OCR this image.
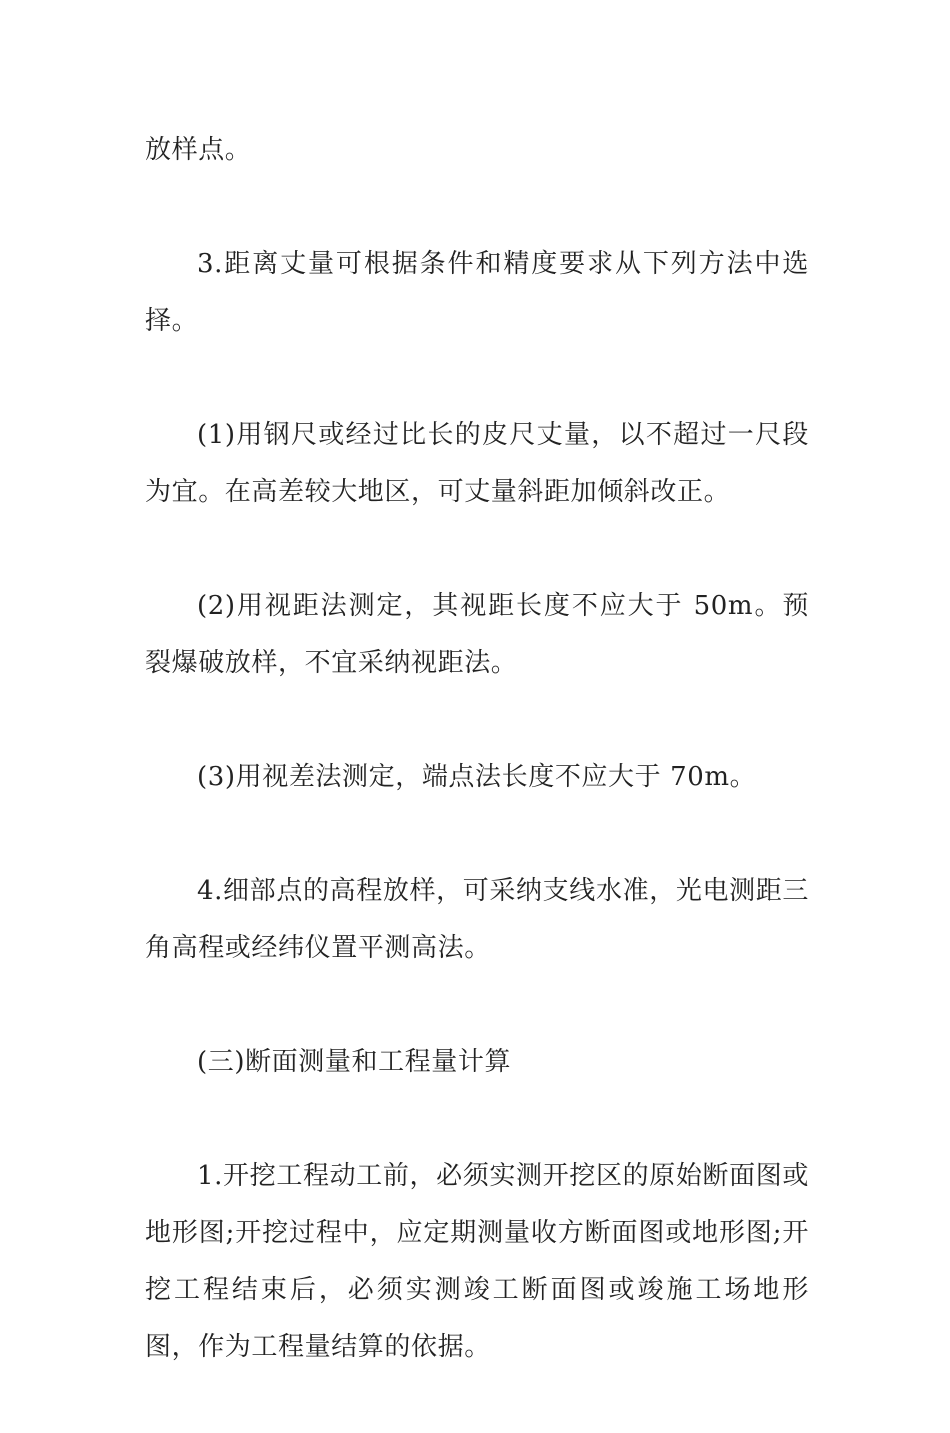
放样点。

3.距离丈量可根据条件和精度要求从下列方法中选择。

(1)用钢尺或经过比长的皮尺丈量，以不超过一尺段为宜。在高差较大地区，可丈量斜距加倾斜改正。

(2)用视距法测定，其视距长度不应大于 50m。预裂爆破放样，不宜采纳视距法。

(3)用视差法测定，端点法长度不应大于 70m。

4.细部点的高程放样，可采纳支线水准，光电测距三角高程或经纬仪置平测高法。

(三)断面测量和工程量计算

1.开挖工程动工前，必须实测开挖区的原始断面图或地形图;开挖过程中，应定期测量收方断面图或地形图;开挖工程结束后，必须实测竣工断面图或竣施工场地形图，作为工程量结算的依据。
